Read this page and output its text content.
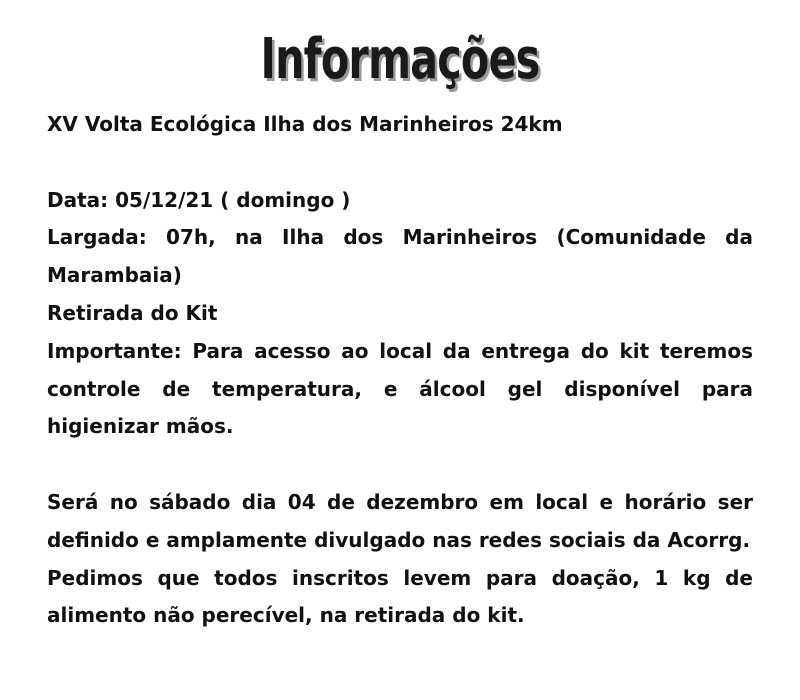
Informações

XV Volta Ecológica Ilha dos Marinheiros 24km

Data: 05/12/21 ( domingo )

Largada: 07h, na Ilha dos Marinheiros (Comunidade da Marambaia)

Retirada do Kit

Importante: Para acesso ao local da entrega do kit teremos controle de temperatura, e álcool gel disponível para higienizar mãos.

Será no sábado dia 04 de dezembro em local e horário ser definido e amplamente divulgado nas redes sociais da Acorrg.

Pedimos que todos inscritos levem para doação, 1 kg de alimento não perecível, na retirada do kit.
